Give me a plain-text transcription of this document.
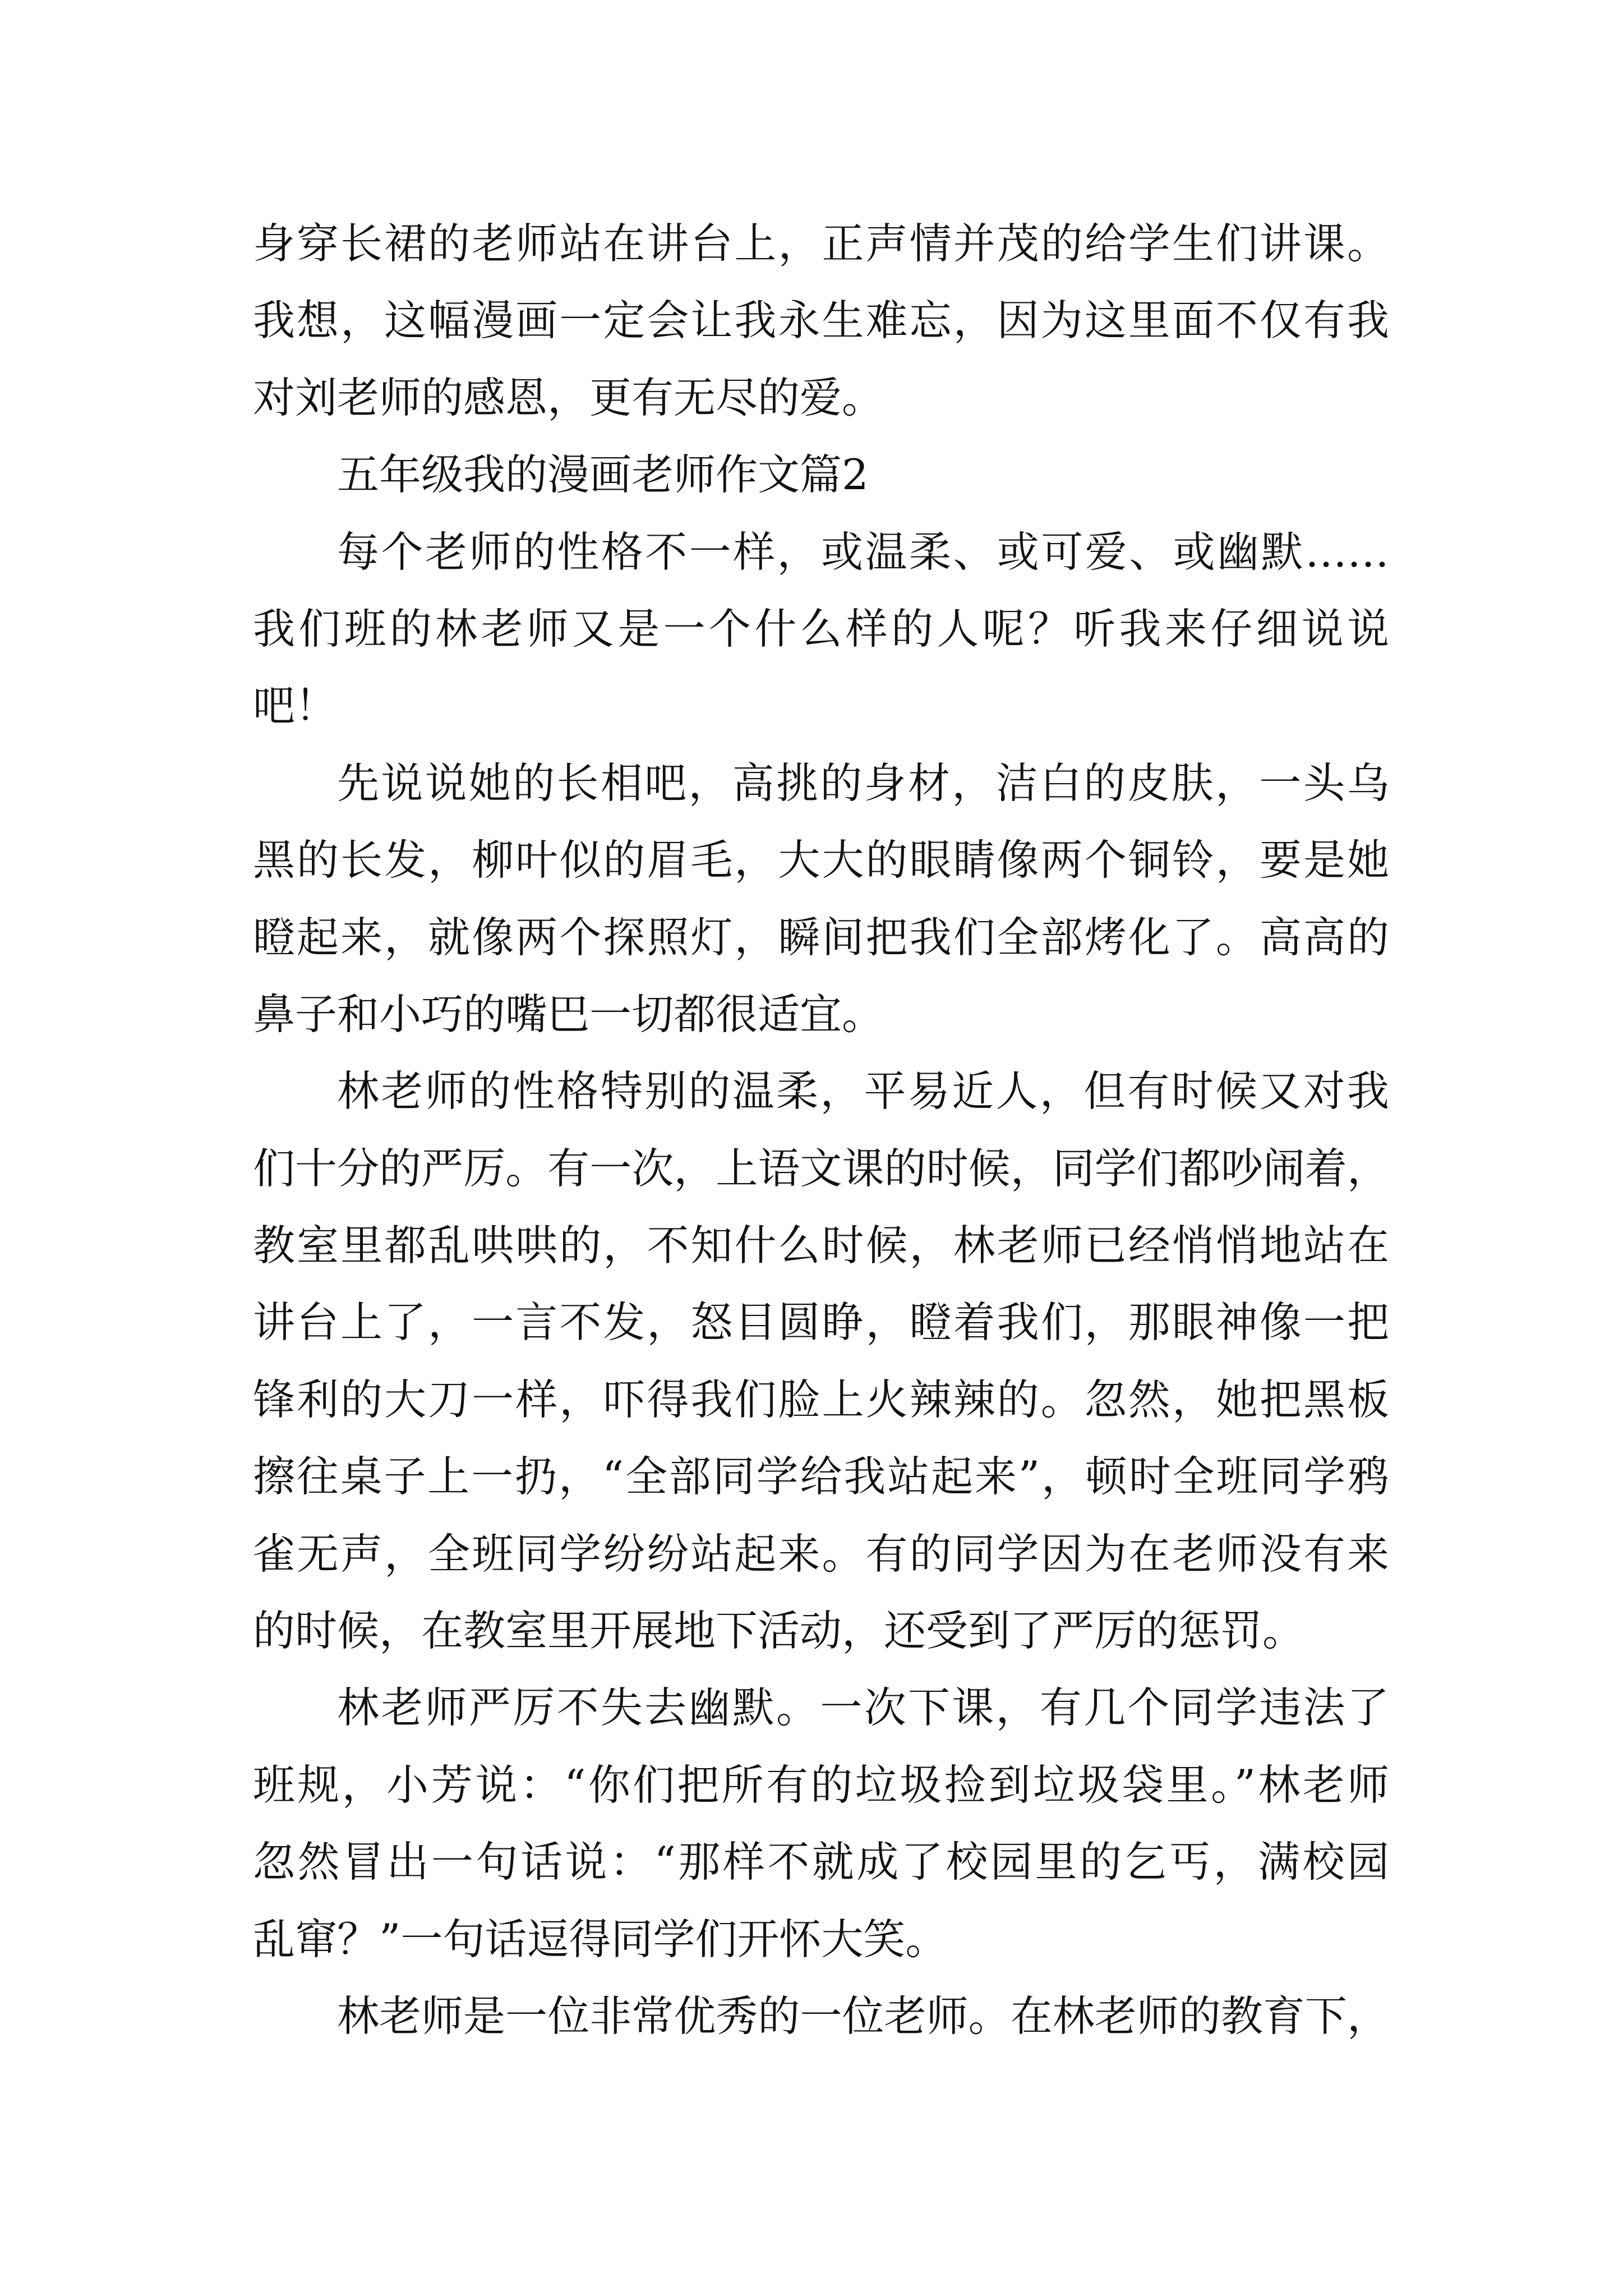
身穿长裙的老师站在讲台上，正声情并茂的给学生们讲课。
我想，这幅漫画一定会让我永生难忘，因为这里面不仅有我
对刘老师的感恩，更有无尽的爱。
五年级我的漫画老师作文篇2
每个老师的性格不一样，或温柔、或可爱、或幽默……
我们班的林老师又是一个什么样的人呢？听我来仔细说说
吧！
先说说她的长相吧，高挑的身材，洁白的皮肤，一头乌
黑的长发，柳叶似的眉毛，大大的眼睛像两个铜铃，要是她
瞪起来，就像两个探照灯，瞬间把我们全部烤化了。高高的
鼻子和小巧的嘴巴一切都很适宜。
林老师的性格特别的温柔，平易近人，但有时候又对我
们十分的严厉。有一次，上语文课的时候，同学们都吵闹着，
教室里都乱哄哄的，不知什么时候，林老师已经悄悄地站在
讲台上了，一言不发，怒目圆睁，瞪着我们，那眼神像一把
锋利的大刀一样，吓得我们脸上火辣辣的。忽然，她把黑板
擦往桌子上一扔，“全部同学给我站起来”，顿时全班同学鸦
雀无声，全班同学纷纷站起来。有的同学因为在老师没有来
的时候，在教室里开展地下活动，还受到了严厉的惩罚。
林老师严厉不失去幽默。一次下课，有几个同学违法了
班规，小芳说：“你们把所有的垃圾捡到垃圾袋里。”林老师
忽然冒出一句话说：“那样不就成了校园里的乞丐，满校园
乱窜？”一句话逗得同学们开怀大笑。
林老师是一位非常优秀的一位老师。在林老师的教育下，
